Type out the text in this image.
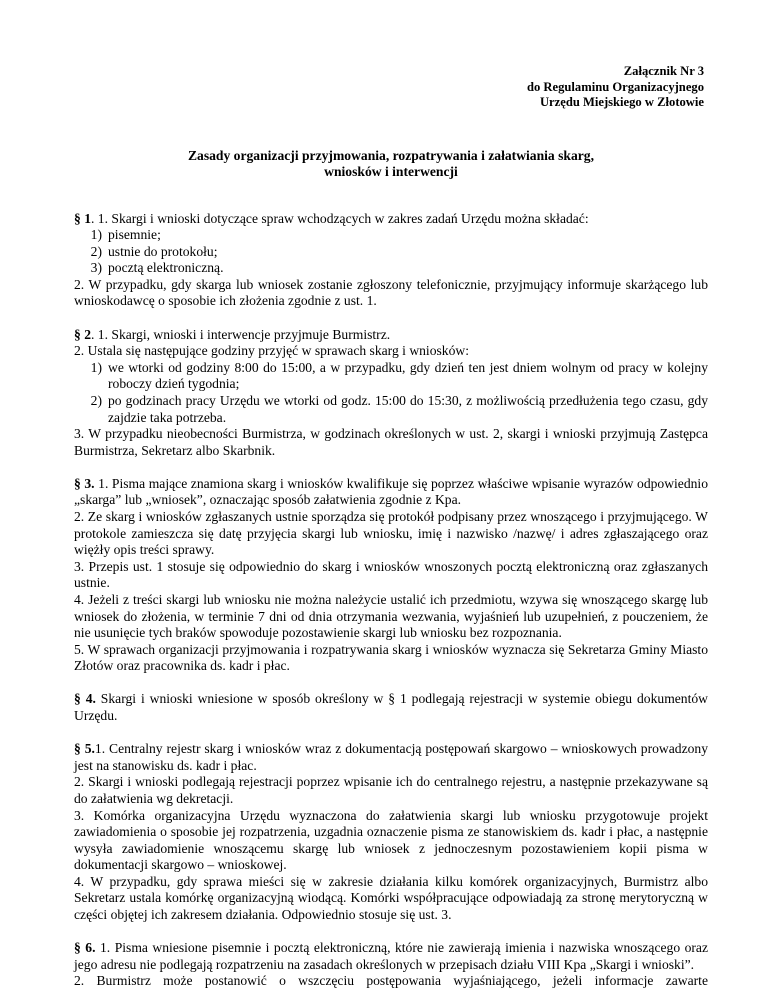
Załącznik Nr 3
do Regulaminu Organizacyjnego
Urzędu Miejskiego w Złotowie
Zasady organizacji przyjmowania, rozpatrywania i załatwiania skarg,
wniosków i interwencji

§ 1. 1. Skargi i wnioski dotyczące spraw wchodzących w zakres zadań Urzędu można składać:

1) pisemnie;
2) ustnie do protokołu;
3) pocztą elektroniczną.

2. W przypadku, gdy skarga lub wniosek zostanie zgłoszony telefonicznie, przyjmujący informuje skarżącego lub wnioskodawcę o sposobie ich złożenia zgodnie z ust. 1.

§ 2. 1. Skargi, wnioski i interwencje przyjmuje Burmistrz.

2. Ustala się następujące godziny przyjęć w sprawach skarg i wniosków:

1) we wtorki od godziny 8:00 do 15:00, a w przypadku, gdy dzień ten jest dniem wolnym od pracy w kolejny roboczy dzień tygodnia;
2) po godzinach pracy Urzędu we wtorki od godz. 15:00 do 15:30, z możliwością przedłużenia tego czasu, gdy zajdzie taka potrzeba.

3. W przypadku nieobecności Burmistrza, w godzinach określonych w ust. 2, skargi i wnioski przyjmują Zastępca Burmistrza, Sekretarz albo Skarbnik.

§ 3. 1. Pisma mające znamiona skarg i wniosków kwalifikuje się poprzez właściwe wpisanie wyrazów odpowiednio „skarga” lub „wniosek”, oznaczając sposób załatwienia zgodnie z Kpa.

2. Ze skarg i wniosków zgłaszanych ustnie sporządza się protokół podpisany przez wnoszącego i przyjmującego. W protokole zamieszcza się datę przyjęcia skargi lub wniosku, imię i nazwisko /nazwę/ i adres zgłaszającego oraz więżły opis treści sprawy.

3. Przepis ust. 1 stosuje się odpowiednio do skarg i wniosków wnoszonych pocztą elektroniczną oraz zgłaszanych ustnie.

4. Jeżeli z treści skargi lub wniosku nie można należycie ustalić ich przedmiotu, wzywa się wnoszącego skargę lub wniosek do złożenia, w terminie 7 dni od dnia otrzymania wezwania, wyjaśnień lub uzupełnień, z pouczeniem, że nie usunięcie tych braków spowoduje pozostawienie skargi lub wniosku bez rozpoznania.

5. W sprawach organizacji przyjmowania i rozpatrywania skarg i wniosków wyznacza się Sekretarza Gminy Miasto Złotów oraz pracownika ds. kadr i płac.

§ 4. Skargi i wnioski wniesione w sposób określony w § 1 podlegają rejestracji w systemie obiegu dokumentów Urzędu.

§ 5.1. Centralny rejestr skarg i wniosków wraz z dokumentacją postępowań skargowo – wnioskowych prowadzony jest na stanowisku ds. kadr i płac.

2. Skargi i wnioski podlegają rejestracji poprzez wpisanie ich do centralnego rejestru, a następnie przekazywane są do załatwienia wg dekretacji.

3. Komórka organizacyjna Urzędu wyznaczona do załatwienia skargi lub wniosku przygotowuje projekt zawiadomienia o sposobie jej rozpatrzenia, uzgadnia oznaczenie pisma ze stanowiskiem ds. kadr i płac, a następnie wysyła zawiadomienie wnoszącemu skargę lub wniosek z jednoczesnym pozostawieniem kopii pisma w dokumentacji skargowo – wnioskowej.

4. W przypadku, gdy sprawa mieści się w zakresie działania kilku komórek organizacyjnych, Burmistrz albo Sekretarz ustala komórkę organizacyjną wiodącą. Komórki współpracujące odpowiadają za stronę merytoryczną w części objętej ich zakresem działania. Odpowiednio stosuje się ust. 3.

§ 6. 1. Pisma wniesione pisemnie i pocztą elektroniczną, które nie zawierają imienia i nazwiska wnoszącego oraz jego adresu nie podlegają rozpatrzeniu na zasadach określonych w przepisach działu VIII Kpa „Skargi i wnioski”.

2. Burmistrz może postanowić o wszczęciu postępowania wyjaśniającego, jeżeli informacje zawarte
